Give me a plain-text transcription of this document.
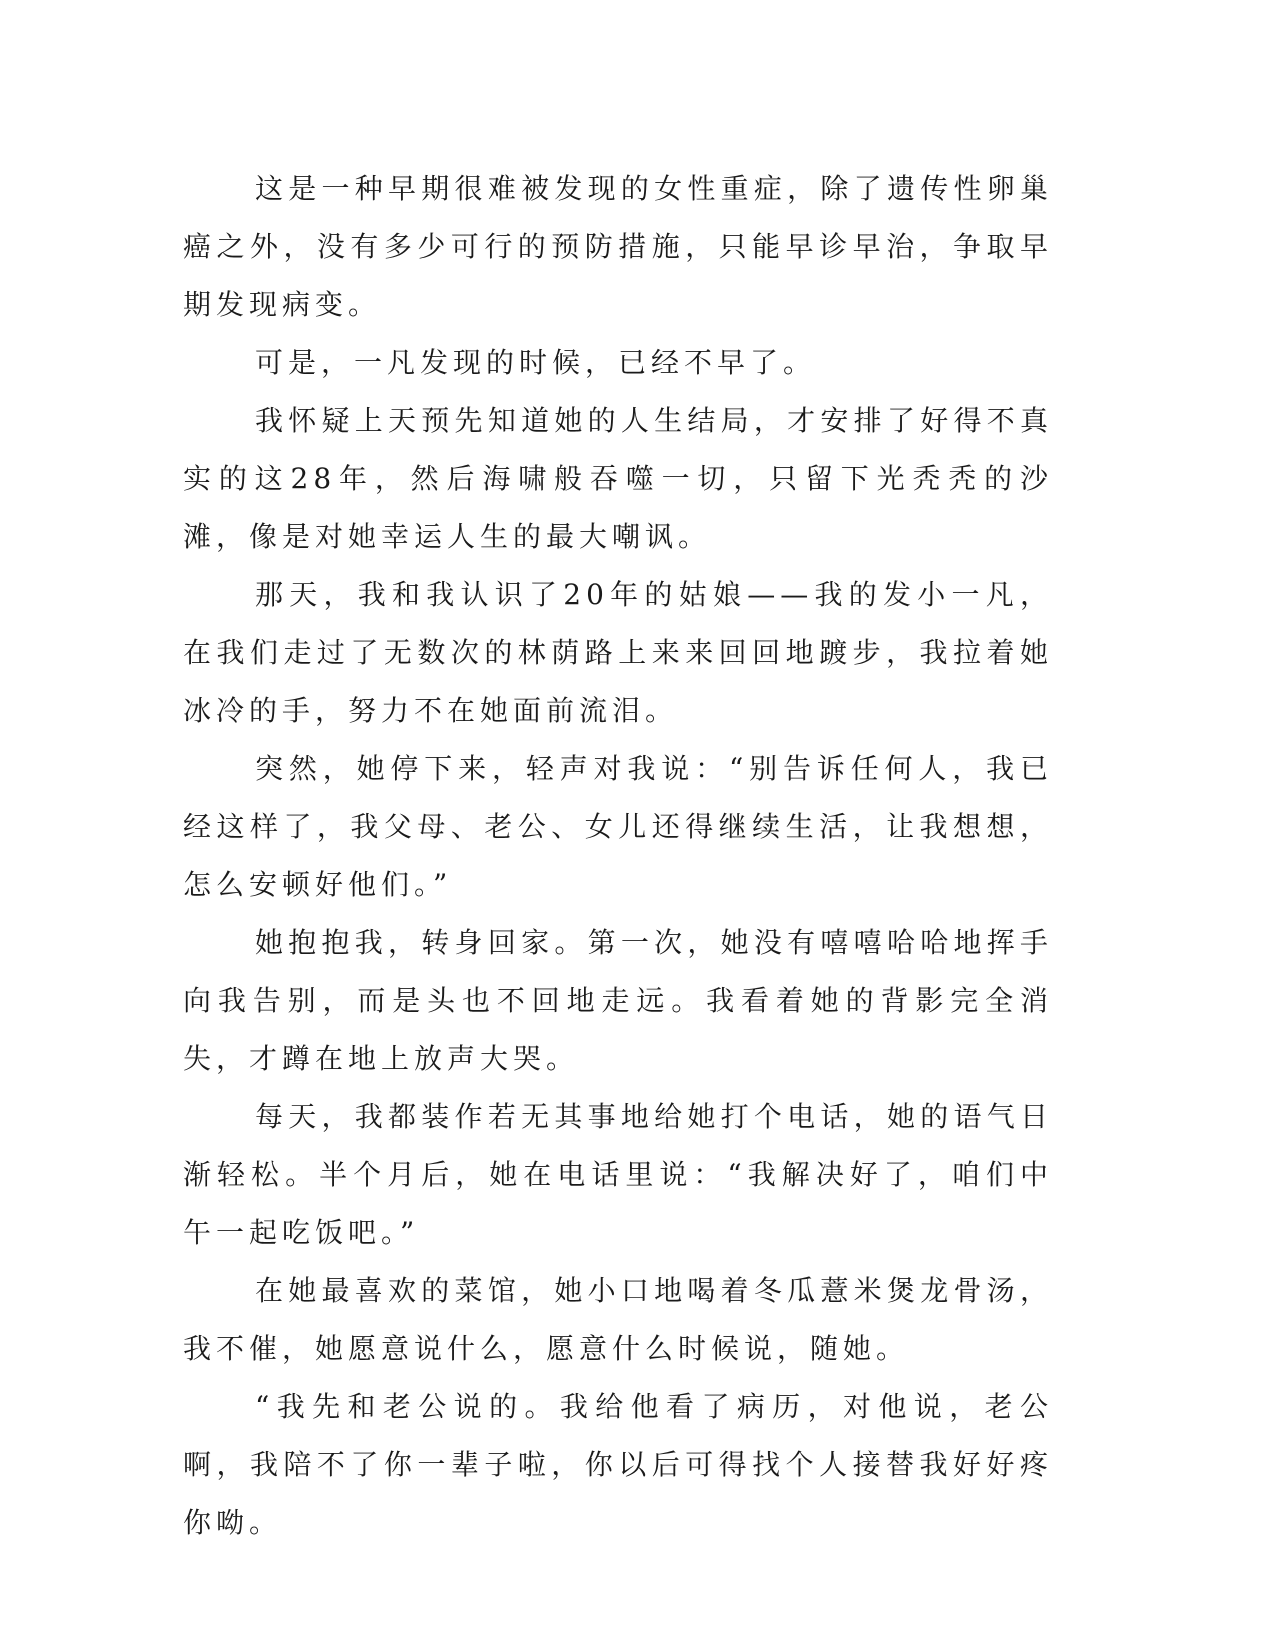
这是一种早期很难被发现的女性重症，除了遗传性卵巢癌之外，没有多少可行的预防措施，只能早诊早治，争取早期发现病变。

可是，一凡发现的时候，已经不早了。

我怀疑上天预先知道她的人生结局，才安排了好得不真实的这28年，然后海啸般吞噬一切，只留下光秃秃的沙滩，像是对她幸运人生的最大嘲讽。

那天，我和我认识了20年的姑娘——我的发小一凡，在我们走过了无数次的林荫路上来来回回地踱步，我拉着她冰冷的手，努力不在她面前流泪。

突然，她停下来，轻声对我说：“别告诉任何人，我已经这样了，我父母、老公、女儿还得继续生活，让我想想，怎么安顿好他们。”

她抱抱我，转身回家。第一次，她没有嘻嘻哈哈地挥手向我告别，而是头也不回地走远。我看着她的背影完全消失，才蹲在地上放声大哭。

每天，我都装作若无其事地给她打个电话，她的语气日渐轻松。半个月后，她在电话里说：“我解决好了，咱们中午一起吃饭吧。”

在她最喜欢的菜馆，她小口地喝着冬瓜薏米煲龙骨汤，我不催，她愿意说什么，愿意什么时候说，随她。

“我先和老公说的。我给他看了病历，对他说，老公啊，我陪不了你一辈子啦，你以后可得找个人接替我好好疼你呦。
